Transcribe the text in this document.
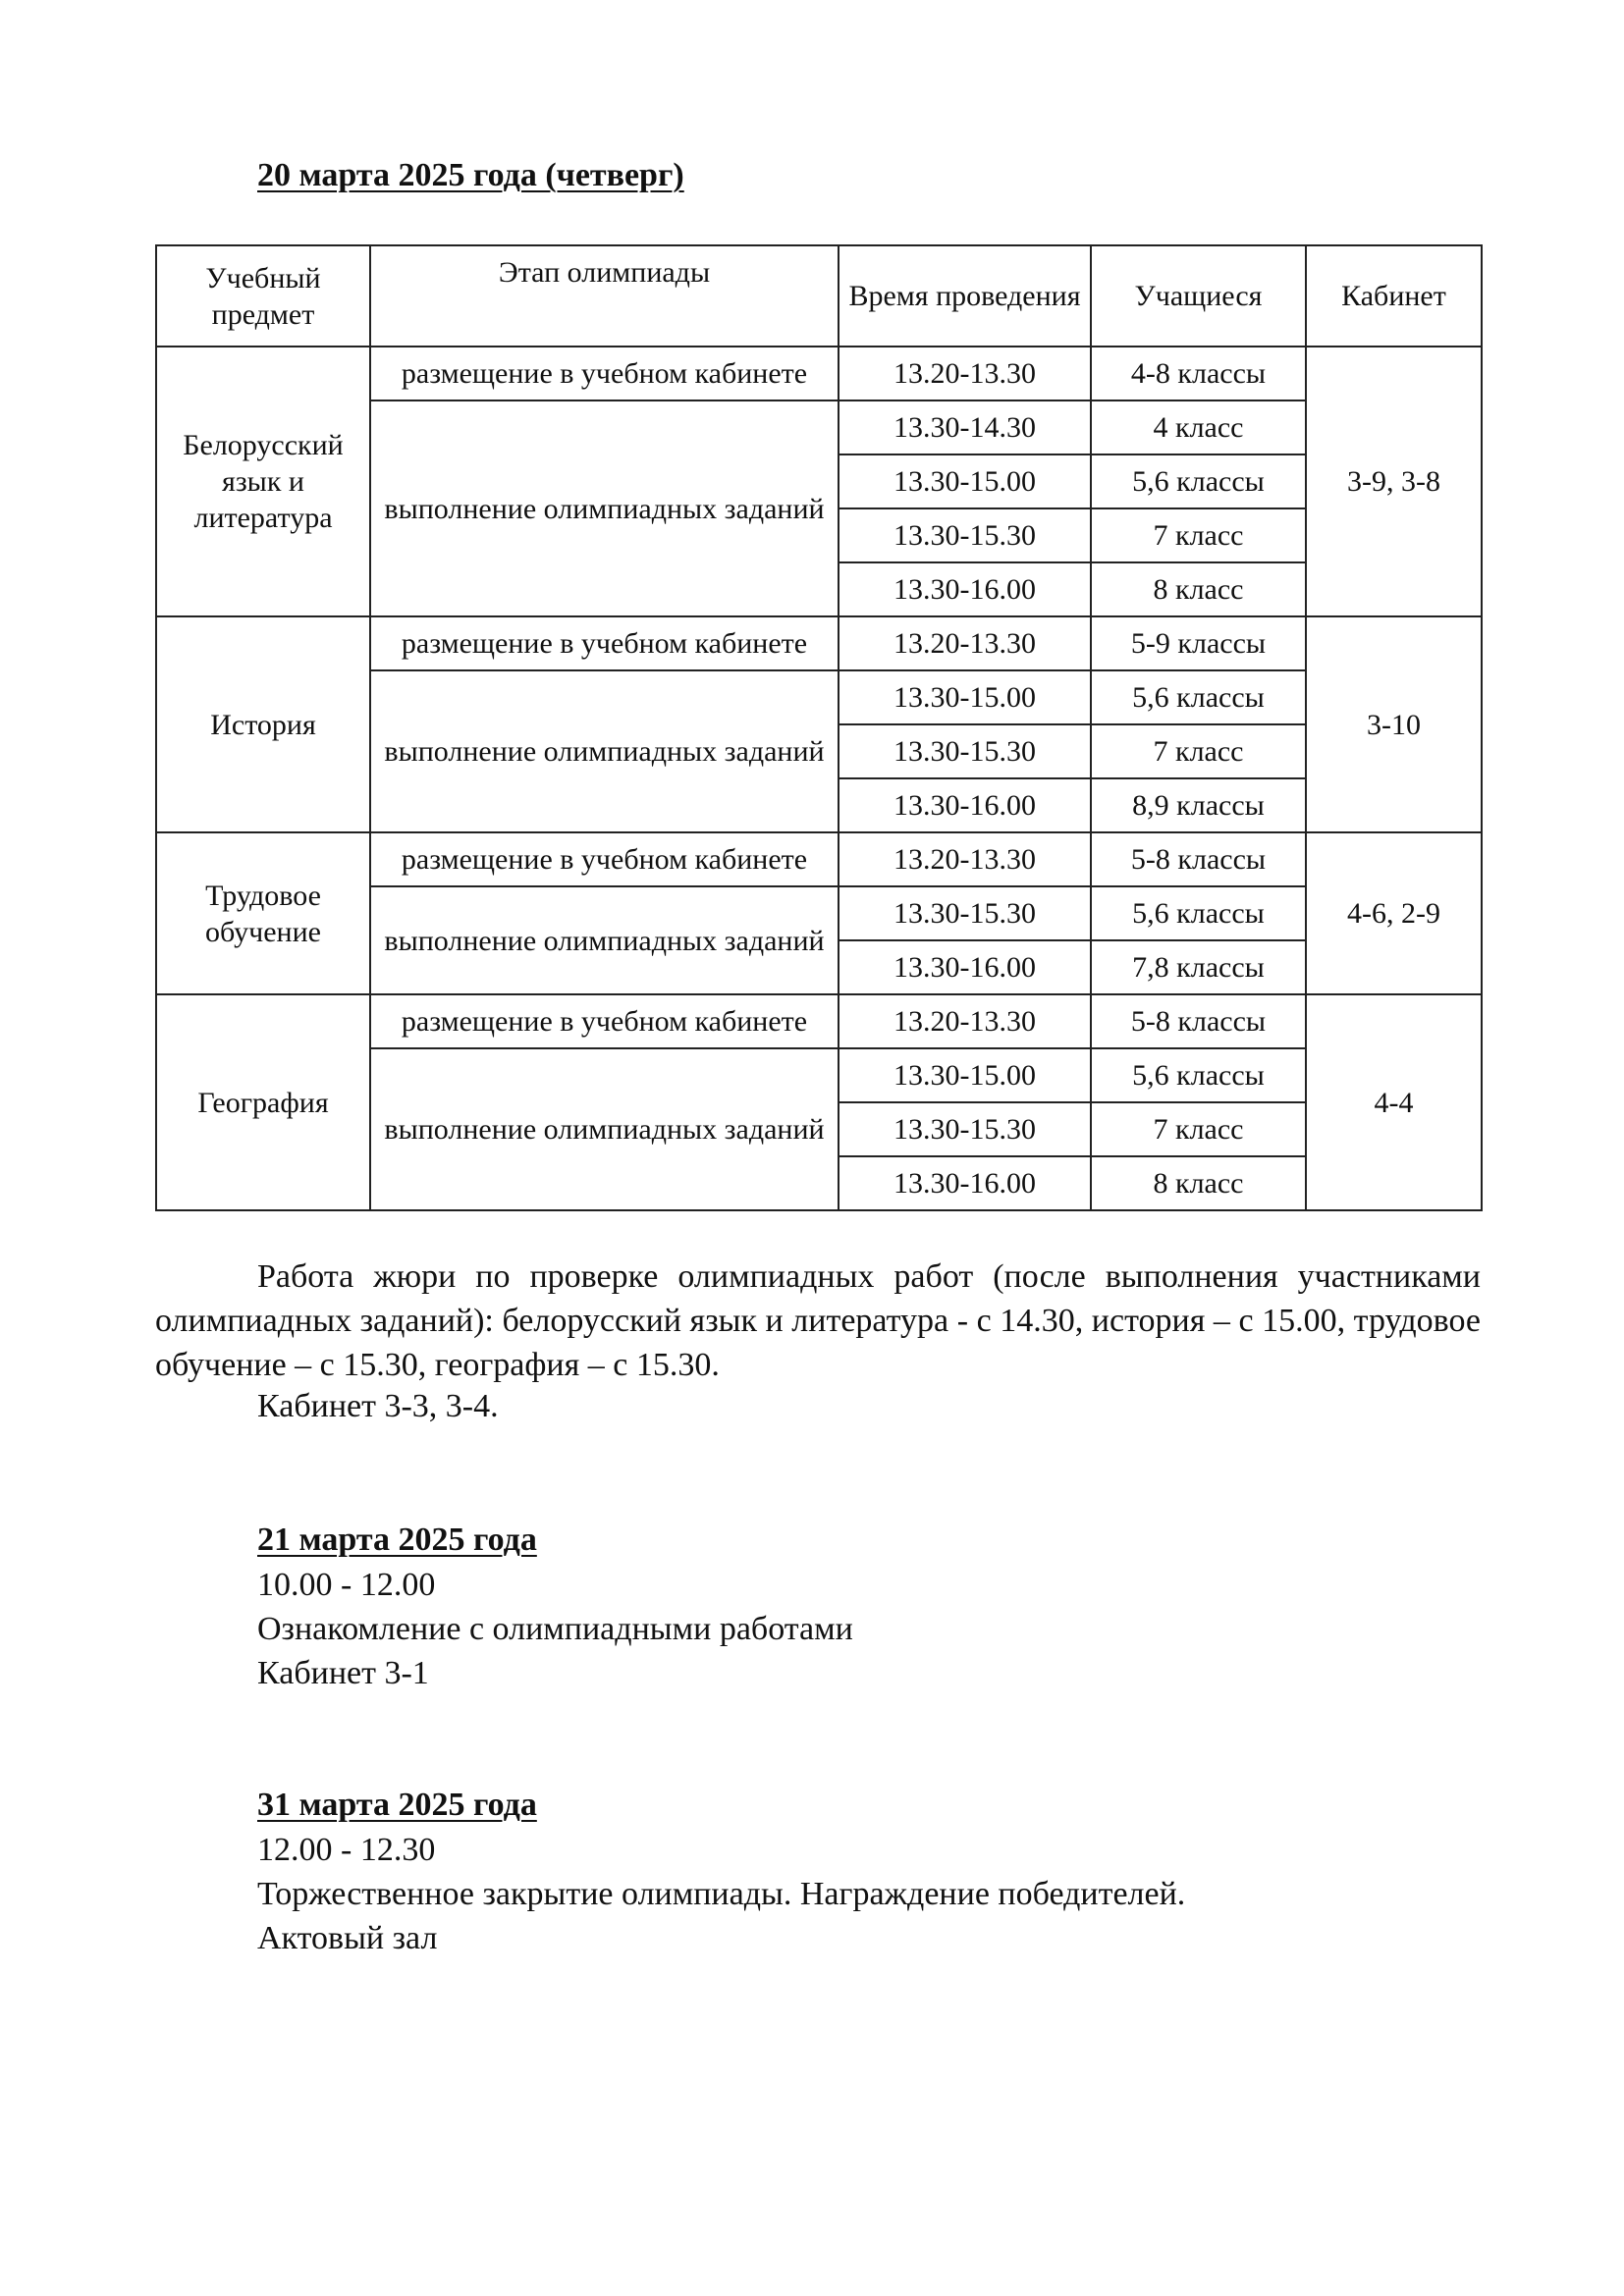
20 марта 2025 года (четверг)
Учебный предмет	Этап олимпиады	Время проведения	Учащиеся	Кабинет
Белорусский язык и литература	размещение в учебном кабинете	13.20-13.30	4-8 классы	3-9, 3-8
	выполнение олимпиадных заданий	13.30-14.30	4 класс	
		13.30-15.00	5,6 классы	
		13.30-15.30	7 класс	
		13.30-16.00	8 класс	
История	размещение в учебном кабинете	13.20-13.30	5-9 классы	3-10
	выполнение олимпиадных заданий	13.30-15.00	5,6 классы	
		13.30-15.30	7 класс	
		13.30-16.00	8,9 классы	
Трудовое обучение	размещение в учебном кабинете	13.20-13.30	5-8 классы	4-6, 2-9
	выполнение олимпиадных заданий	13.30-15.30	5,6 классы	
		13.30-16.00	7,8 классы	
География	размещение в учебном кабинете	13.20-13.30	5-8 классы	4-4
	выполнение олимпиадных заданий	13.30-15.00	5,6 классы	
		13.30-15.30	7 класс	
		13.30-16.00	8 класс	

Работа жюри по проверке олимпиадных работ (после выполнения участниками олимпиадных заданий): белорусский язык и литература - с 14.30, история – с 15.00, трудовое обучение – с 15.30, география – с 15.30.

Кабинет 3-3, 3-4.

21 марта 2025 года

10.00 - 12.00

Ознакомление с олимпиадными работами

Кабинет 3-1

31 марта 2025 года

12.00 - 12.30

Торжественное закрытие олимпиады. Награждение победителей.

Актовый зал
